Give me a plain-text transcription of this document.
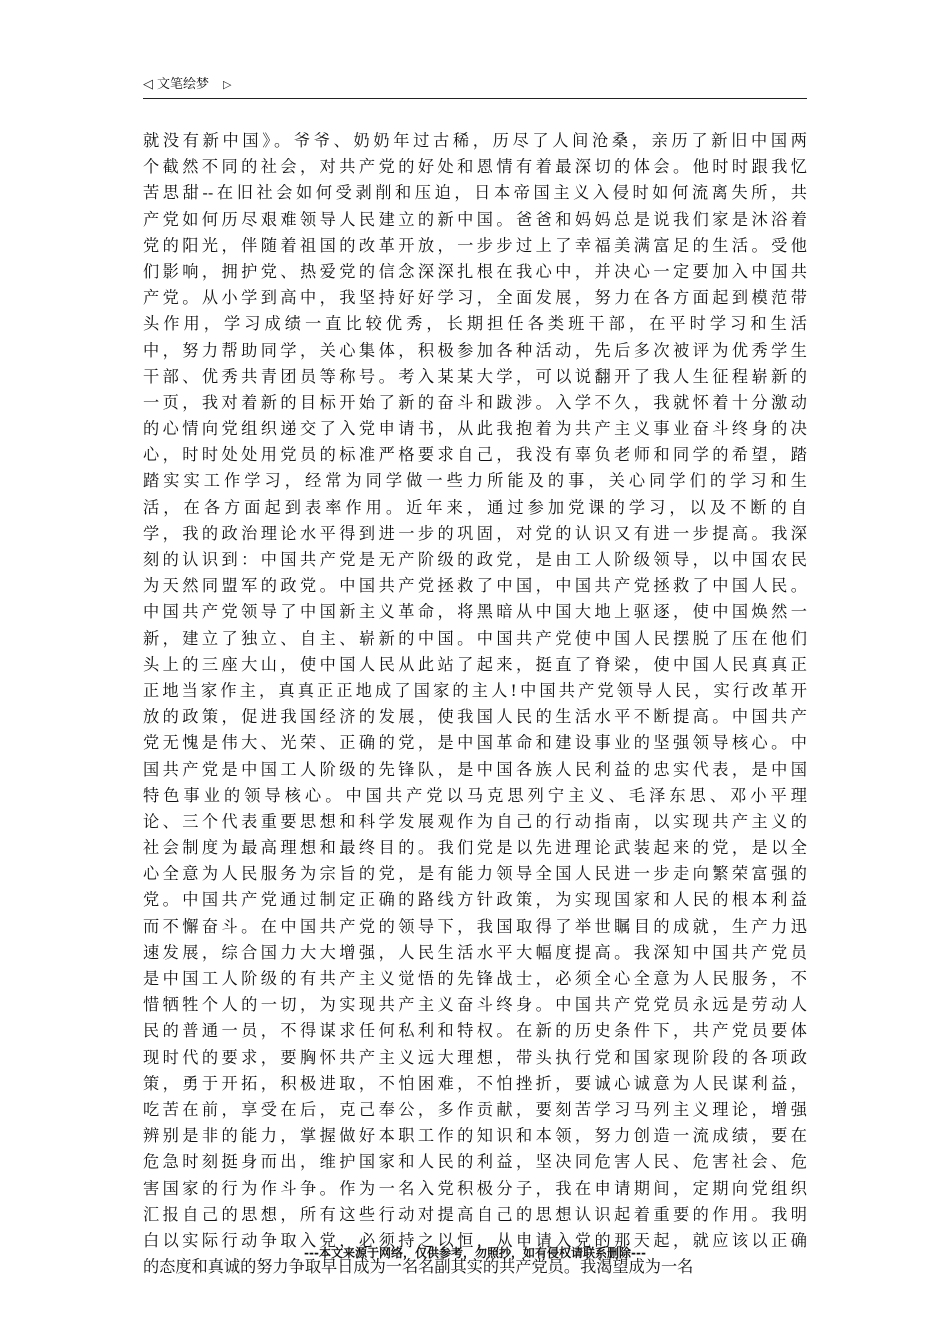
◁ 文笔绘梦 ▷
就没有新中国》。爷爷、奶奶年过古稀，历尽了人间沧桑，亲历了新旧中国两
个截然不同的社会，对共产党的好处和恩情有着最深切的体会。他时时跟我忆
苦思甜--在旧社会如何受剥削和压迫，日本帝国主义入侵时如何流离失所，共
产党如何历尽艰难领导人民建立的新中国。爸爸和妈妈总是说我们家是沐浴着
党的阳光，伴随着祖国的改革开放，一步步过上了幸福美满富足的生活。受他
们影响，拥护党、热爱党的信念深深扎根在我心中，并决心一定要加入中国共
产党。从小学到高中，我坚持好好学习，全面发展，努力在各方面起到模范带
头作用，学习成绩一直比较优秀，长期担任各类班干部，在平时学习和生活
中，努力帮助同学，关心集体，积极参加各种活动，先后多次被评为优秀学生
干部、优秀共青团员等称号。考入某某大学，可以说翻开了我人生征程崭新的
一页，我对着新的目标开始了新的奋斗和跋涉。入学不久，我就怀着十分激动
的心情向党组织递交了入党申请书，从此我抱着为共产主义事业奋斗终身的决
心，时时处处用党员的标准严格要求自己，我没有辜负老师和同学的希望，踏
踏实实工作学习，经常为同学做一些力所能及的事，关心同学们的学习和生
活，在各方面起到表率作用。近年来，通过参加党课的学习，以及不断的自
学，我的政治理论水平得到进一步的巩固，对党的认识又有进一步提高。我深
刻的认识到：中国共产党是无产阶级的政党，是由工人阶级领导，以中国农民
为天然同盟军的政党。中国共产党拯救了中国，中国共产党拯救了中国人民。
中国共产党领导了中国新主义革命，将黑暗从中国大地上驱逐，使中国焕然一
新，建立了独立、自主、崭新的中国。中国共产党使中国人民摆脱了压在他们
头上的三座大山，使中国人民从此站了起来，挺直了脊梁，使中国人民真真正
正地当家作主，真真正正地成了国家的主人!中国共产党领导人民，实行改革开
放的政策，促进我国经济的发展，使我国人民的生活水平不断提高。中国共产
党无愧是伟大、光荣、正确的党，是中国革命和建设事业的坚强领导核心。中
国共产党是中国工人阶级的先锋队，是中国各族人民利益的忠实代表，是中国
特色事业的领导核心。中国共产党以马克思列宁主义、毛泽东思、邓小平理
论、三个代表重要思想和科学发展观作为自己的行动指南，以实现共产主义的
社会制度为最高理想和最终目的。我们党是以先进理论武装起来的党，是以全
心全意为人民服务为宗旨的党，是有能力领导全国人民进一步走向繁荣富强的
党。中国共产党通过制定正确的路线方针政策，为实现国家和人民的根本利益
而不懈奋斗。在中国共产党的领导下，我国取得了举世瞩目的成就，生产力迅
速发展，综合国力大大增强，人民生活水平大幅度提高。我深知中国共产党员
是中国工人阶级的有共产主义觉悟的先锋战士，必须全心全意为人民服务，不
惜牺牲个人的一切，为实现共产主义奋斗终身。中国共产党党员永远是劳动人
民的普通一员，不得谋求任何私利和特权。在新的历史条件下，共产党员要体
现时代的要求，要胸怀共产主义远大理想，带头执行党和国家现阶段的各项政
策，勇于开拓，积极进取，不怕困难，不怕挫折，要诚心诚意为人民谋利益，
吃苦在前，享受在后，克己奉公，多作贡献，要刻苦学习马列主义理论，增强
辨别是非的能力，掌握做好本职工作的知识和本领，努力创造一流成绩，要在
危急时刻挺身而出，维护国家和人民的利益，坚决同危害人民、危害社会、危
害国家的行为作斗争。作为一名入党积极分子，我在申请期间，定期向党组织
汇报自己的思想，所有这些行动对提高自己的思想认识起着重要的作用。我明
白以实际行动争取入党，必须持之以恒，从申请入党的那天起，就应该以正确
的态度和真诚的努力争取早日成为一名名副其实的共产党员。我渴望成为一名
---本文来源于网络，仅供参考，勿照抄，如有侵权请联系删除---
